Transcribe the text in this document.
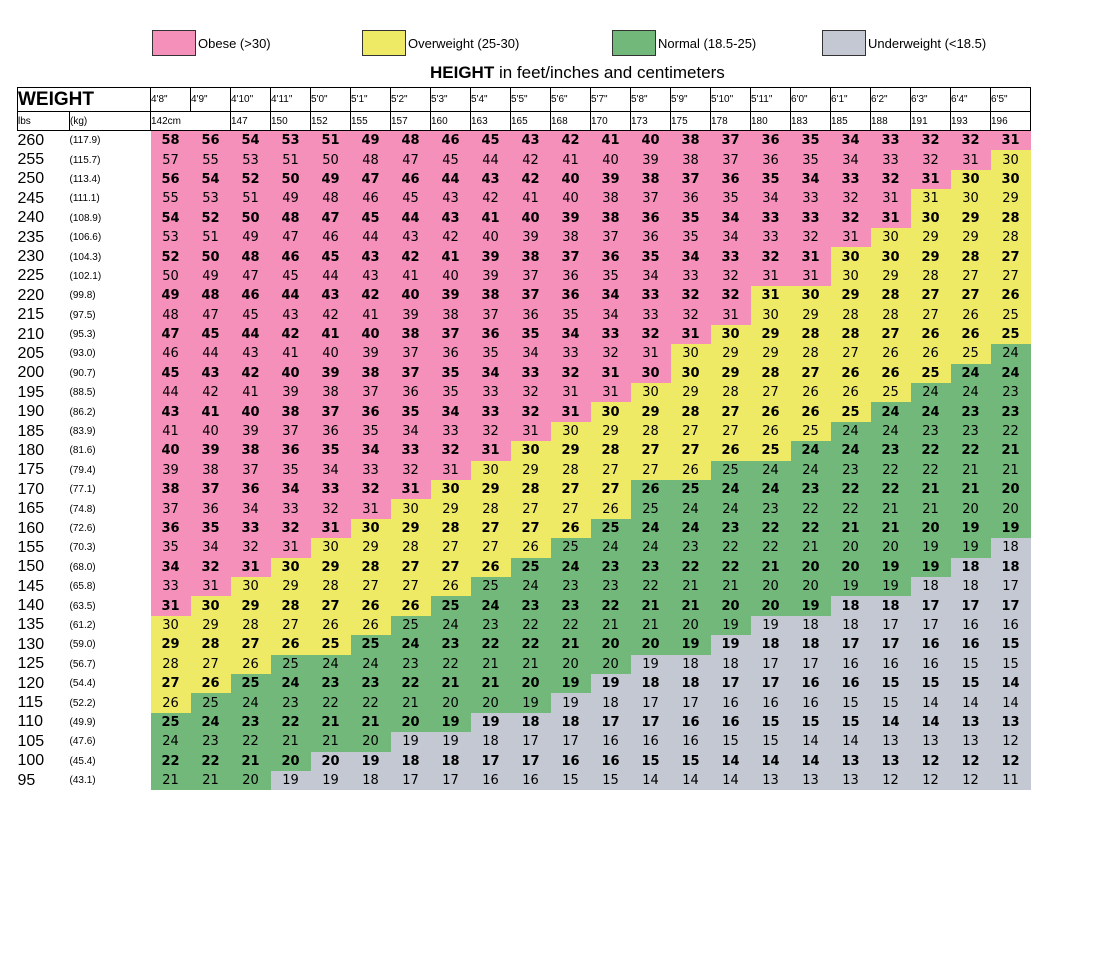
Obese (>30)	Overweight (25-30)	Normal (18.5-25)	Underweight (<18.5)
HEIGHT in feet/inches and centimeters
WEIGHT		4'8"	4'9"	4'10"	4'11"	5'0"	5'1"	5'2"	5'3"	5'4"	5'5"	5'6"	5'7"	5'8"	5'9"	5'10"	5'11"	6'0"	6'1"	6'2"	6'3"	6'4"	6'5"
lbs	(kg)	142cm		147	150	152	155	157	160	163	165	168	170	173	175	178	180	183	185	188	191	193	196
260	(117.9)	58	56	54	53	51	49	48	46	45	43	42	41	40	38	37	36	35	34	33	32	32	31
255	(115.7)	57	55	53	51	50	48	47	45	44	42	41	40	39	38	37	36	35	34	33	32	31	30
250	(113.4)	56	54	52	50	49	47	46	44	43	42	40	39	38	37	36	35	34	33	32	31	30	30
245	(111.1)	55	53	51	49	48	46	45	43	42	41	40	38	37	36	35	34	33	32	31	31	30	29
240	(108.9)	54	52	50	48	47	45	44	43	41	40	39	38	36	35	34	33	33	32	31	30	29	28
235	(106.6)	53	51	49	47	46	44	43	42	40	39	38	37	36	35	34	33	32	31	30	29	29	28
230	(104.3)	52	50	48	46	45	43	42	41	39	38	37	36	35	34	33	32	31	30	30	29	28	27
225	(102.1)	50	49	47	45	44	43	41	40	39	37	36	35	34	33	32	31	31	30	29	28	27	27
220	(99.8)	49	48	46	44	43	42	40	39	38	37	36	34	33	32	32	31	30	29	28	27	27	26
215	(97.5)	48	47	45	43	42	41	39	38	37	36	35	34	33	32	31	30	29	28	28	27	26	25
210	(95.3)	47	45	44	42	41	40	38	37	36	35	34	33	32	31	30	29	28	28	27	26	26	25
205	(93.0)	46	44	43	41	40	39	37	36	35	34	33	32	31	30	29	29	28	27	26	26	25	24
200	(90.7)	45	43	42	40	39	38	37	35	34	33	32	31	30	30	29	28	27	26	26	25	24	24
195	(88.5)	44	42	41	39	38	37	36	35	33	32	31	31	30	29	28	27	26	26	25	24	24	23
190	(86.2)	43	41	40	38	37	36	35	34	33	32	31	30	29	28	27	26	26	25	24	24	23	23
185	(83.9)	41	40	39	37	36	35	34	33	32	31	30	29	28	27	27	26	25	24	24	23	23	22
180	(81.6)	40	39	38	36	35	34	33	32	31	30	29	28	27	27	26	25	24	24	23	22	22	21
175	(79.4)	39	38	37	35	34	33	32	31	30	29	28	27	27	26	25	24	24	23	22	22	21	21
170	(77.1)	38	37	36	34	33	32	31	30	29	28	27	27	26	25	24	24	23	22	22	21	21	20
165	(74.8)	37	36	34	33	32	31	30	29	28	27	27	26	25	24	24	23	22	22	21	21	20	20
160	(72.6)	36	35	33	32	31	30	29	28	27	27	26	25	24	24	23	22	22	21	21	20	19	19
155	(70.3)	35	34	32	31	30	29	28	27	27	26	25	24	24	23	22	22	21	20	20	19	19	18
150	(68.0)	34	32	31	30	29	28	27	27	26	25	24	23	23	22	22	21	20	20	19	19	18	18
145	(65.8)	33	31	30	29	28	27	27	26	25	24	23	23	22	21	21	20	20	19	19	18	18	17
140	(63.5)	31	30	29	28	27	26	26	25	24	23	23	22	21	21	20	20	19	18	18	17	17	17
135	(61.2)	30	29	28	27	26	26	25	24	23	22	22	21	21	20	19	19	18	18	17	17	16	16
130	(59.0)	29	28	27	26	25	25	24	23	22	22	21	20	20	19	19	18	18	17	17	16	16	15
125	(56.7)	28	27	26	25	24	24	23	22	21	21	20	20	19	18	18	17	17	16	16	16	15	15
120	(54.4)	27	26	25	24	23	23	22	21	21	20	19	19	18	18	17	17	16	16	15	15	15	14
115	(52.2)	26	25	24	23	22	22	21	20	20	19	19	18	17	17	16	16	16	15	15	14	14	14
110	(49.9)	25	24	23	22	21	21	20	19	19	18	18	17	17	16	16	15	15	15	14	14	13	13
105	(47.6)	24	23	22	21	21	20	19	19	18	17	17	16	16	16	15	15	14	14	13	13	13	12
100	(45.4)	22	22	21	20	20	19	18	18	17	17	16	16	15	15	14	14	14	13	13	12	12	12
95	(43.1)	21	21	20	19	19	18	17	17	16	16	15	15	14	14	14	13	13	13	12	12	12	11
